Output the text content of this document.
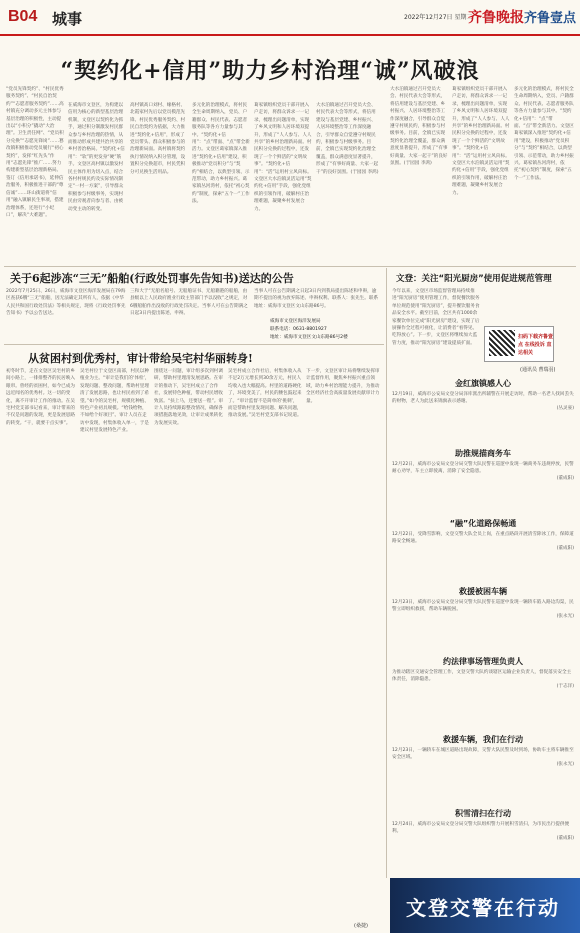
B04 城事	2022年12月27日 星期二
齐鲁晚报 齐鲁壹点
“契约化+信用”助力乡村治理“诚”风破浪
“党员先锋契约”、“村民优秀服务契约”、“村民自治契约”“志愿者服务契约”……高村镇充分调动多元主体参与基层治理的积极性，主动提出以“小积分”撬动“大治理”。卫生责任网“、“党员积分兑换”“志愿先锋岗”……篡改镇积极推动党员履行“初心契约”，发挥“红先头”作用“志愿先锋”推广……努力构建新型基层治理新格局。签订《信用承诺书》，延伸信治服务，积极推进干部的“尊信诚”……环山街道将“信用”融入镇解民生事项，搭建治理体系，还进行“小纪口”，解决“大难题”。
在威海市文登区，为构建以信用为核心的新型基层治理机制，文登区以契约化为抓手，通过积分制激发村民群众参与乡村治理的热情，从而推动形成共建共治共享的乡村善治格局。“契约化+信用”：“软”的更发身“硬”筋手。文登区高村镇以激发村民主体作用为切入点，结合各村村规民约及实际情况制定“一村一方案”，引导群众积极参与村级事务，实现村民由旁观者向参与者、由被动变主动的转变。
高村镇高口刘村、缘格村、北霞家村先后以党员模范先锋、村民优秀服务契约、村民自治契约为依据，大力推进“契约化+信用”，形成了党员带头、群众积极参与的治理新局面。高村镇将契约执行情况纳入积分管理，设置积分兑换超市，村民凭积分可兑换生活用品。
多元化的治理模式，将村民全生命周期纳入，党员、户籍群众、村民代表、志愿者服务队等各方力量参与其中。“契约化+信用”：“点”带面、“点”带全新活力。文登区葛家镇深入推进“契约化+信用”建设，积极推动“党员积分”与“契约”相结合，以典型引领、示范带动，助力乡村振兴。葛家镇丛河湾村，依托“初心契约”制度，探索“五个一”工作法。
葛家镇组织党员干部开展入户走访，将群众诉求一一记录，梳理出问题清单，实现了乡风文明和人居环境双提升，形成了“人人参与、人人共享”的乡村治理新局面。村民积分兑换的过程中，还发现了一个个鲜活的“文明故事”。“契约化+信用”：“活”运用村立风向标。文登区大水泊镇灵活运用“契约化+信用”手段，强化党组织的引领作用，破解村庄治理难题，凝聚乡村发展合力。
大水泊镇通过召开党员大会、村民代表大会等形式，将信用建设与基层党建、乡村振兴、人居环境整治等工作深度融合，引导群众自觉遵守村规民约，积极参与村级事务。目前，全镇已实现契约化治理全覆盖，群众满意度显著提升，形成了“有事好商量、大家一起干”的良好氛围。(于园园 李鸿)
大水泊镇通过召开党员大会、村民代表大会等形式，将信用建设与基层党建、乡村振兴、人居环境整治等工作深度融合，引导群众自觉遵守村规民约，积极参与村级事务。目前，全镇已实现契约化治理全覆盖，群众满意度显著提升，形成了“有事好商量、大家一起干”的良好氛围。(于园园 李鸿)
葛家镇组织党员干部开展入户走访，将群众诉求一一记录，梳理出问题清单，实现了乡风文明和人居环境双提升，形成了“人人参与、人人共享”的乡村治理新局面。村民积分兑换的过程中，还发现了一个个鲜活的“文明故事”。“契约化+信用”：“活”运用村立风向标。文登区大水泊镇灵活运用“契约化+信用”手段，强化党组织的引领作用，破解村庄治理难题，凝聚乡村发展合力。
多元化的治理模式，将村民全生命周期纳入，党员、户籍群众、村民代表、志愿者服务队等各方力量参与其中。“契约化+信用”：“点”带面、“点”带全新活力。文登区葛家镇深入推进“契约化+信用”建设，积极推动“党员积分”与“契约”相结合，以典型引领、示范带动，助力乡村振兴。葛家镇丛河湾村，依托“初心契约”制度，探索“五个一”工作法。
关于6起涉冻“三无”船舶(行政处罚事先告知书)送达的公告
2022年7月25日、26日，威海市文登区海洋发展局在79海区查获6艘“三无”船舶，因无法确定其所有人，依据《中华人民共和国行政处罚法》等相关规定，现将《行政处罚事先告知书》予以公告送达。
三和大于“无船名船号、无船舶证书、无船籍港的船舶，由县级以上人民政府渔业行政主管部门予以没收”之规定，对6艘船舶作出没收的行政处罚决定。当事人可在公告期满之日起3日内提出陈述、申辩。
当事人可在公告期满之日起3日内到我局提出陈述和申辩，逾期不提出的视为放弃陈述、申辩权利。联系人：张先生。联系地址：威海市文登区文山东路86号。
威海市文登区海洋发展局
联系电话：0631-8801927
地址：威海市文登区文山东路86号2楼
文登：关注“阳光厨房”使用促进规范管理
今年以来，文登区市场监督管理局持续推进“阳光厨房”使用管理工作，督促餐饮服务单位规范使用“阳光厨房”，提升餐饮服务食品安全水平。截至目前，全区共有1000余家餐饮单位完成“阳光厨房”建设，实现了后厨操作全过程可视化，让消费者“看得见、吃得放心”。下一步，文登区将继续加大监管力度，推动“阳光厨房”建设提质扩面。
扫码下载齐鲁壹点 在线投诉 直达相关
(通讯员 曹瑞羽)
从贫困村到优秀村，审计带给吴宅村华丽转身!
初冬时节，走在文登区吴宅村的乡间小路上，一排排整齐的民居映入眼帘。曾经的贫困村，如今已成为远近闻名的优秀村。这一切的变化，离不开审计工作的推动。在吴宅村党支部书记看来，审计带来的不仅是问题的发现，更是发展思路的转变。“干，就要干点实事”。
吴宅村位于文登区南部，村民以种植业为主。“审计是我们的‘体检’，发现问题、整改问题，帮助村里理清了发展思路，也让村民看到了希望。”如今的吴宅村，规模化种植、特色产业初具规模。“给钱给物，不如给个好项目”。审计人员在走访中发现，村集体收入单一，于是建议村里发展特色产业。
围绕这一问题，审计组多次到村调研，帮助村里理清发展思路。在审计的推动下，吴宅村成立了合作社，发展特色种植，带动村民增收致富。“扶上马，还要送一程”。审计人员持续跟踪整改情况，确保各项措施落地见效，让审计成果转化为发展实效。
吴宅村成立合作社后，村集体收入从不足2万元增长到30余万元，村民人均收入也大幅提高。村里的道路硬化了，环境变美了，村民的腰包鼓起来了。“审计监督不是简单的‘挑刺’，而是帮助村里发现问题、解决问题，推动发展。”吴宅村党支部书记说道。
下一步，文登区审计局将继续发挥审计监督作用，聚焦乡村振兴重点领域，助力乡村治理能力提升，为推动全区经济社会高质量发展贡献审计力量。
(桑捷)
金红旗镇感人心
12月19日，威海市公安局文登分局泽库派出所辅警在开展走访时，帮助一名老人找回丢失的财物，老人为此送来锦旗表示感谢。
(丛灵豪)
助推规描商务车
12月22日，威海市公安局文登分局交警大队民警在巡逻中发现一辆商务车违规停放，民警耐心劝导，车主立即驶离，消除了安全隐患。
(董成阳)
“融”化道路保畅通
12月22日，受降雪影响，文登交警大队全员上岗，在重点路段开展清雪除冰工作，保障道路安全畅通。
(董成阳)
救援被困车辆
12月23日，威海市公安局文登分局交警大队民警在巡逻中发现一辆轿车陷入路边沟渠，民警立即组织救援，帮助车辆脱困。
(张永光)
约法律事场管理负责人
为推动辖区交通安全管理工作，文登交警大队约谈辖区运输企业负责人，督促落实安全主体责任，消除隐患。
(于志洋)
救援车辆，我们在行动
12月23日，一辆轿车在城区道路出现故障，交警大队民警及时到场，协助车主将车辆推至安全区域。
(张永光)
积雪清扫在行动
12月24日，威海市公安局文登分局交警大队组织警力开展积雪清扫，为市民出行提供便利。
(董成阳)
文登交警在行动
